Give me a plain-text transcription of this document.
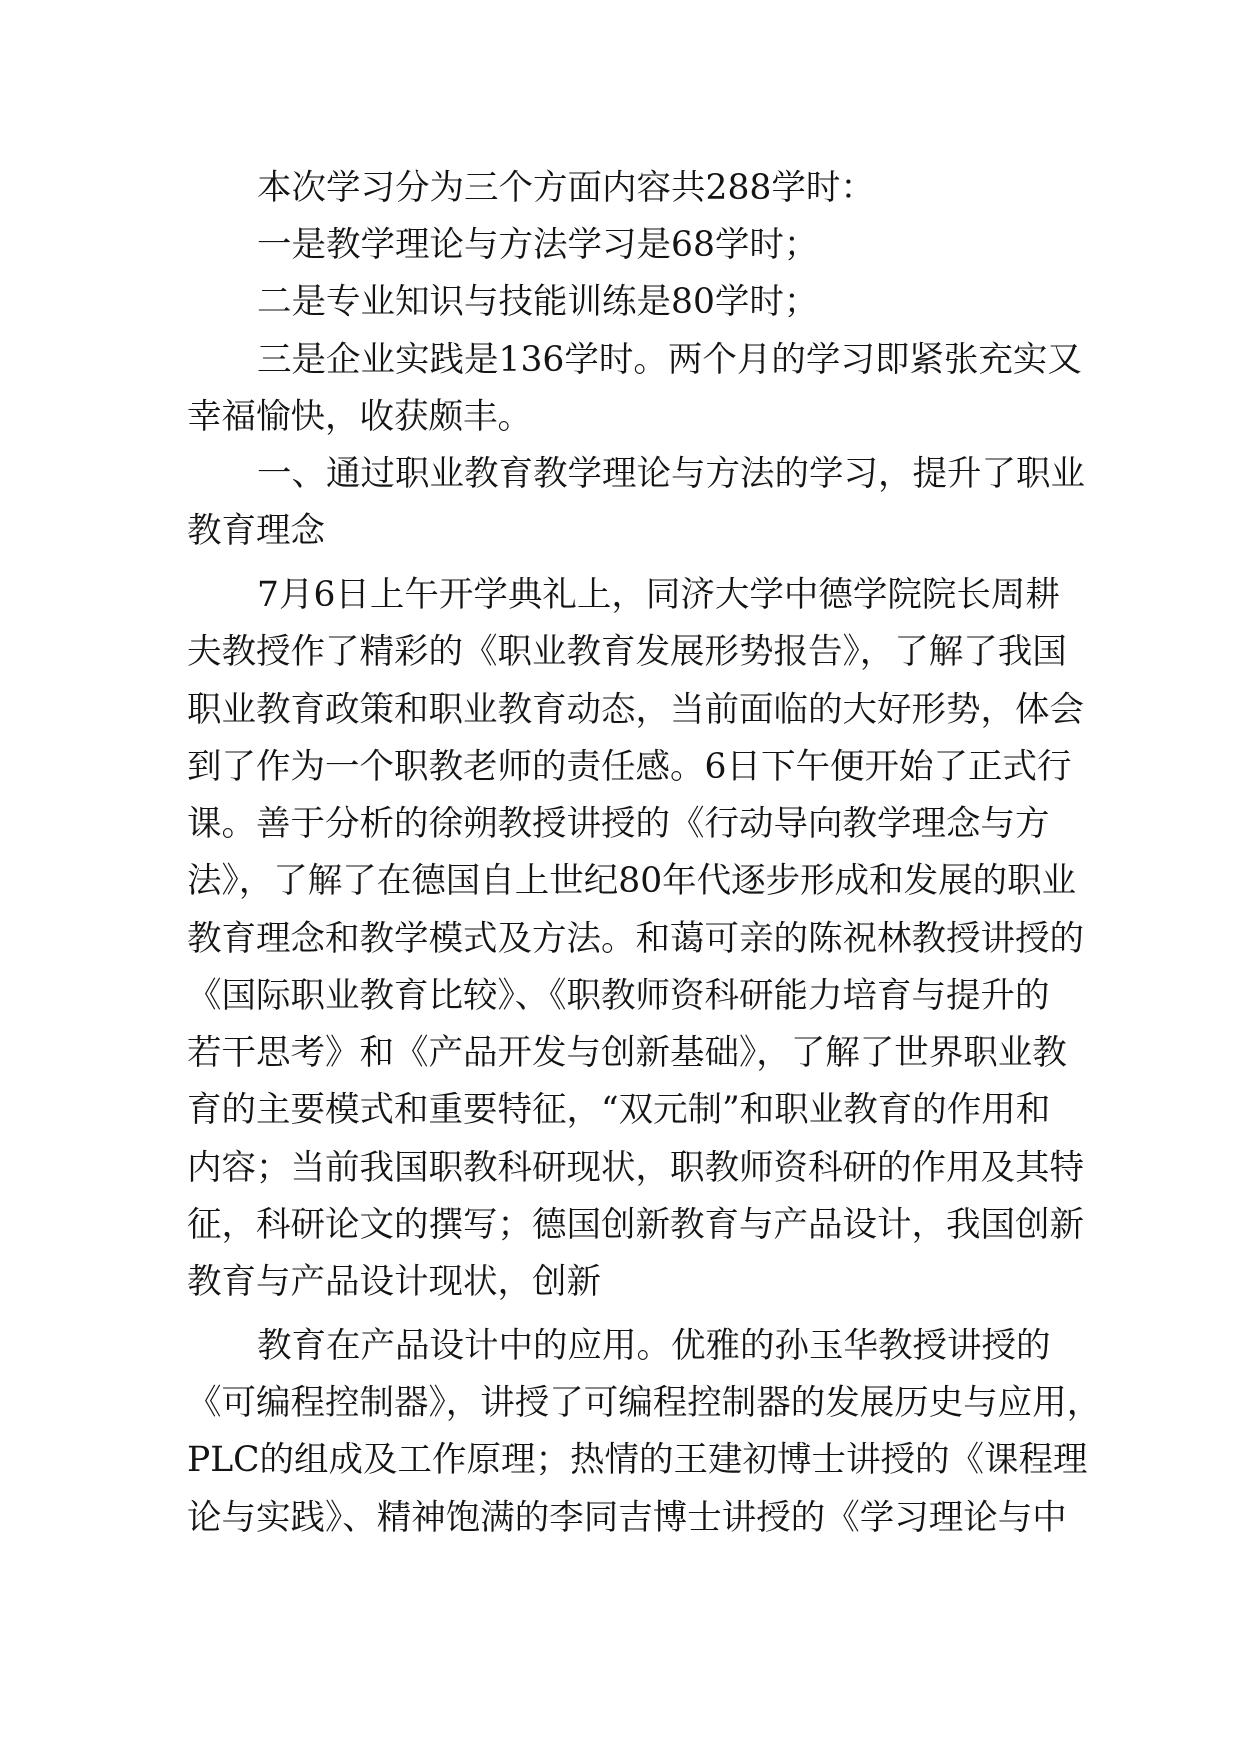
本次学习分为三个方面内容共288学时：
一是教学理论与方法学习是68学时；
二是专业知识与技能训练是80学时；
三是企业实践是136学时。两个月的学习即紧张充实又
幸福愉快，收获颇丰。
一、通过职业教育教学理论与方法的学习，提升了职业
教育理念
7月6日上午开学典礼上，同济大学中德学院院长周耕
夫教授作了精彩的《职业教育发展形势报告》，了解了我国
职业教育政策和职业教育动态，当前面临的大好形势，体会
到了作为一个职教老师的责任感。6日下午便开始了正式行
课。善于分析的徐朔教授讲授的《行动导向教学理念与方
法》，了解了在德国自上世纪80年代逐步形成和发展的职业
教育理念和教学模式及方法。和蔼可亲的陈祝林教授讲授的
《国际职业教育比较》、《职教师资科研能力培育与提升的
若干思考》和《产品开发与创新基础》，了解了世界职业教
育的主要模式和重要特征，“双元制”和职业教育的作用和
内容；当前我国职教科研现状，职教师资科研的作用及其特
征，科研论文的撰写；德国创新教育与产品设计，我国创新
教育与产品设计现状，创新
教育在产品设计中的应用。优雅的孙玉华教授讲授的
《可编程控制器》，讲授了可编程控制器的发展历史与应用，
PLC的组成及工作原理；热情的王建初博士讲授的《课程理
论与实践》、精神饱满的李同吉博士讲授的《学习理论与中
